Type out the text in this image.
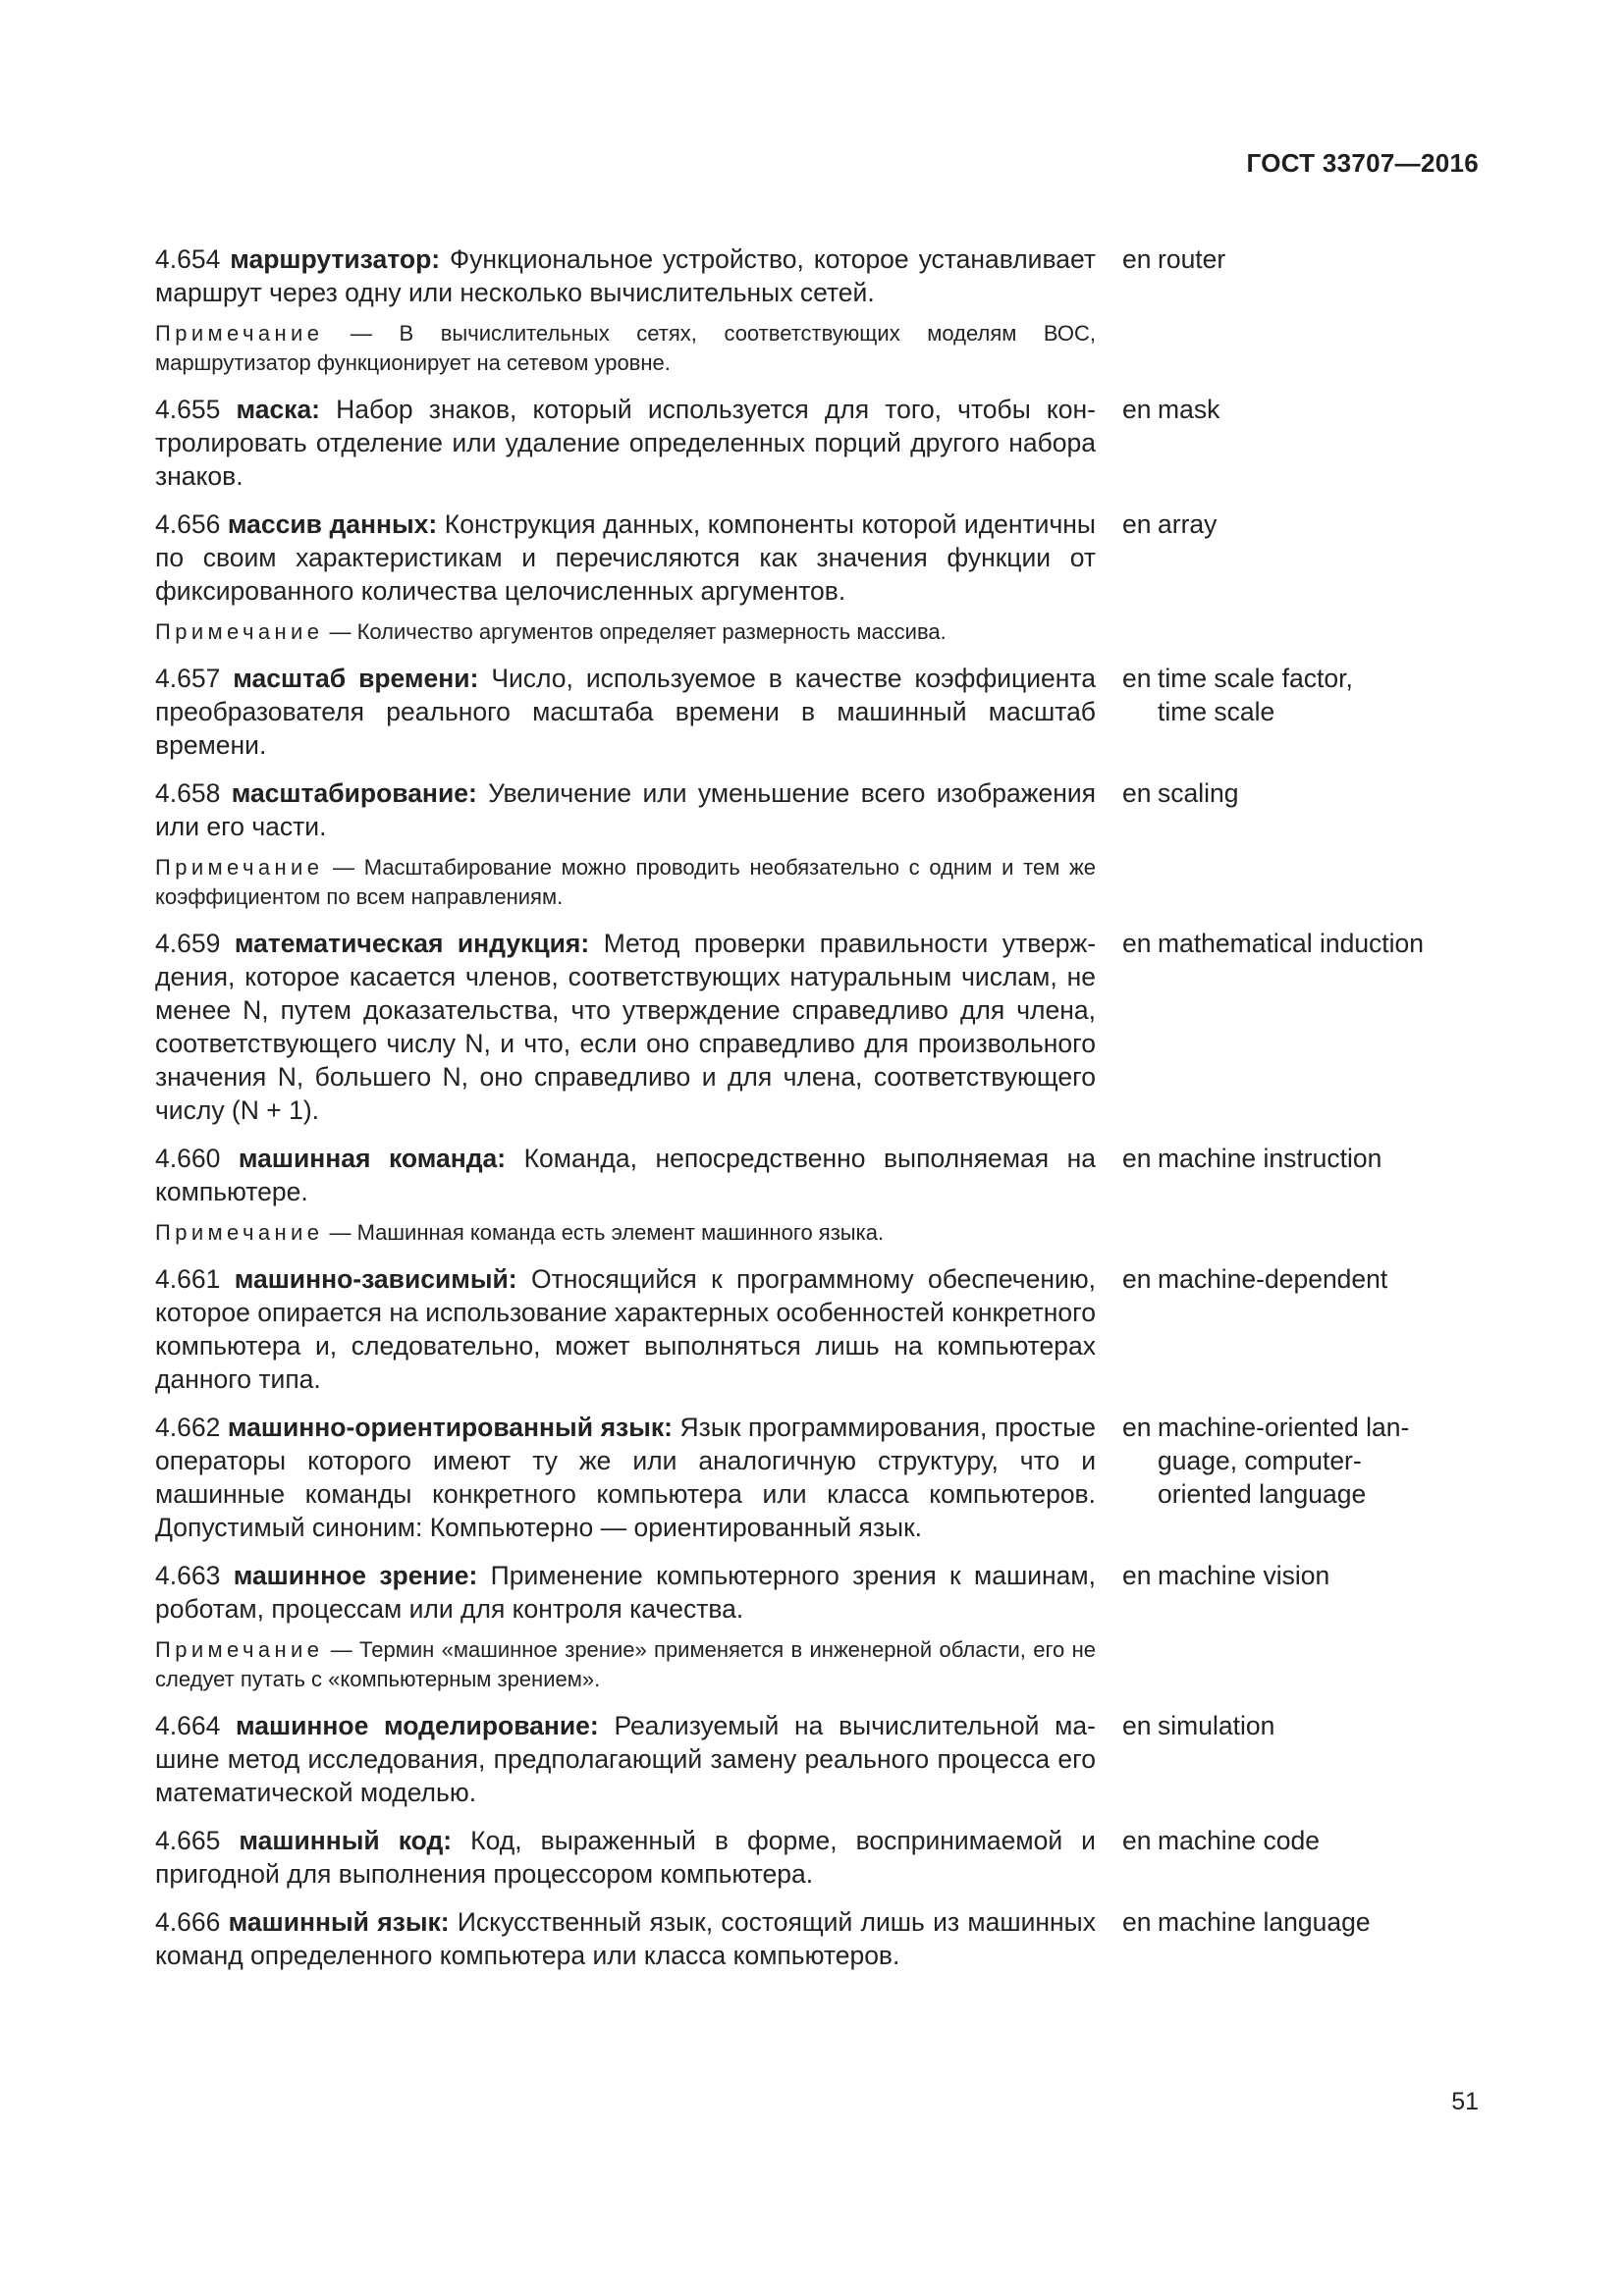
ГОСТ 33707—2016
4.654 маршрутизатор: Функциональное устройство, которое устанавливает маршрут через одну или несколько вычислительных сетей.
en router
Примечание — В вычислительных сетях, соответствующих моделям ВОС, маршрутизатор функционирует на сетевом уровне.
4.655 маска: Набор знаков, который используется для того, чтобы контролировать отделение или удаление определенных порций другого набора знаков.
en mask
4.656 массив данных: Конструкция данных, компоненты которой идентичны по своим характеристикам и перечисляются как значения функции от фиксированного количества целочисленных аргументов.
en array
Примечание — Количество аргументов определяет размерность массива.
4.657 масштаб времени: Число, используемое в качестве коэффициента преобразователя реального масштаба времени в машинный масштаб времени.
en time scale factor,
time scale
4.658 масштабирование: Увеличение или уменьшение всего изображения или его части.
en scaling
Примечание — Масштабирование можно проводить необязательно с одним и тем же коэффициентом по всем направлениям.
4.659 математическая индукция: Метод проверки правильности утверждения, которое касается членов, соответствующих натуральным числам, не менее N, путем доказательства, что утверждение справедливо для члена, соответствующего числу N, и что, если оно справедливо для произвольного значения N, большего N, оно справедливо и для члена, соответствующего числу (N + 1).
en mathematical induction
4.660 машинная команда: Команда, непосредственно выполняемая на компьютере.
en machine instruction
Примечание — Машинная команда есть элемент машинного языка.
4.661 машинно-зависимый: Относящийся к программному обеспечению, которое опирается на использование характерных особенностей конкретного компьютера и, следовательно, может выполняться лишь на компьютерах данного типа.
en machine-dependent
4.662 машинно-ориентированный язык: Язык программирования, простые операторы которого имеют ту же или аналогичную структуру, что и машинные команды конкретного компьютера или класса компьютеров. Допустимый синоним: Компьютерно — ориентированный язык.
en machine-oriented lan-
guage, computer-
oriented language
4.663 машинное зрение: Применение компьютерного зрения к машинам, роботам, процессам или для контроля качества.
en machine vision
Примечание — Термин «машинное зрение» применяется в инженерной области, его не следует путать с «компьютерным зрением».
4.664 машинное моделирование: Реализуемый на вычислительной машине метод исследования, предполагающий замену реального процесса его математической моделью.
en simulation
4.665 машинный код: Код, выраженный в форме, воспринимаемой и пригодной для выполнения процессором компьютера.
en machine code
4.666 машинный язык: Искусственный язык, состоящий лишь из машинных команд определенного компьютера или класса компьютеров.
en machine language
51
